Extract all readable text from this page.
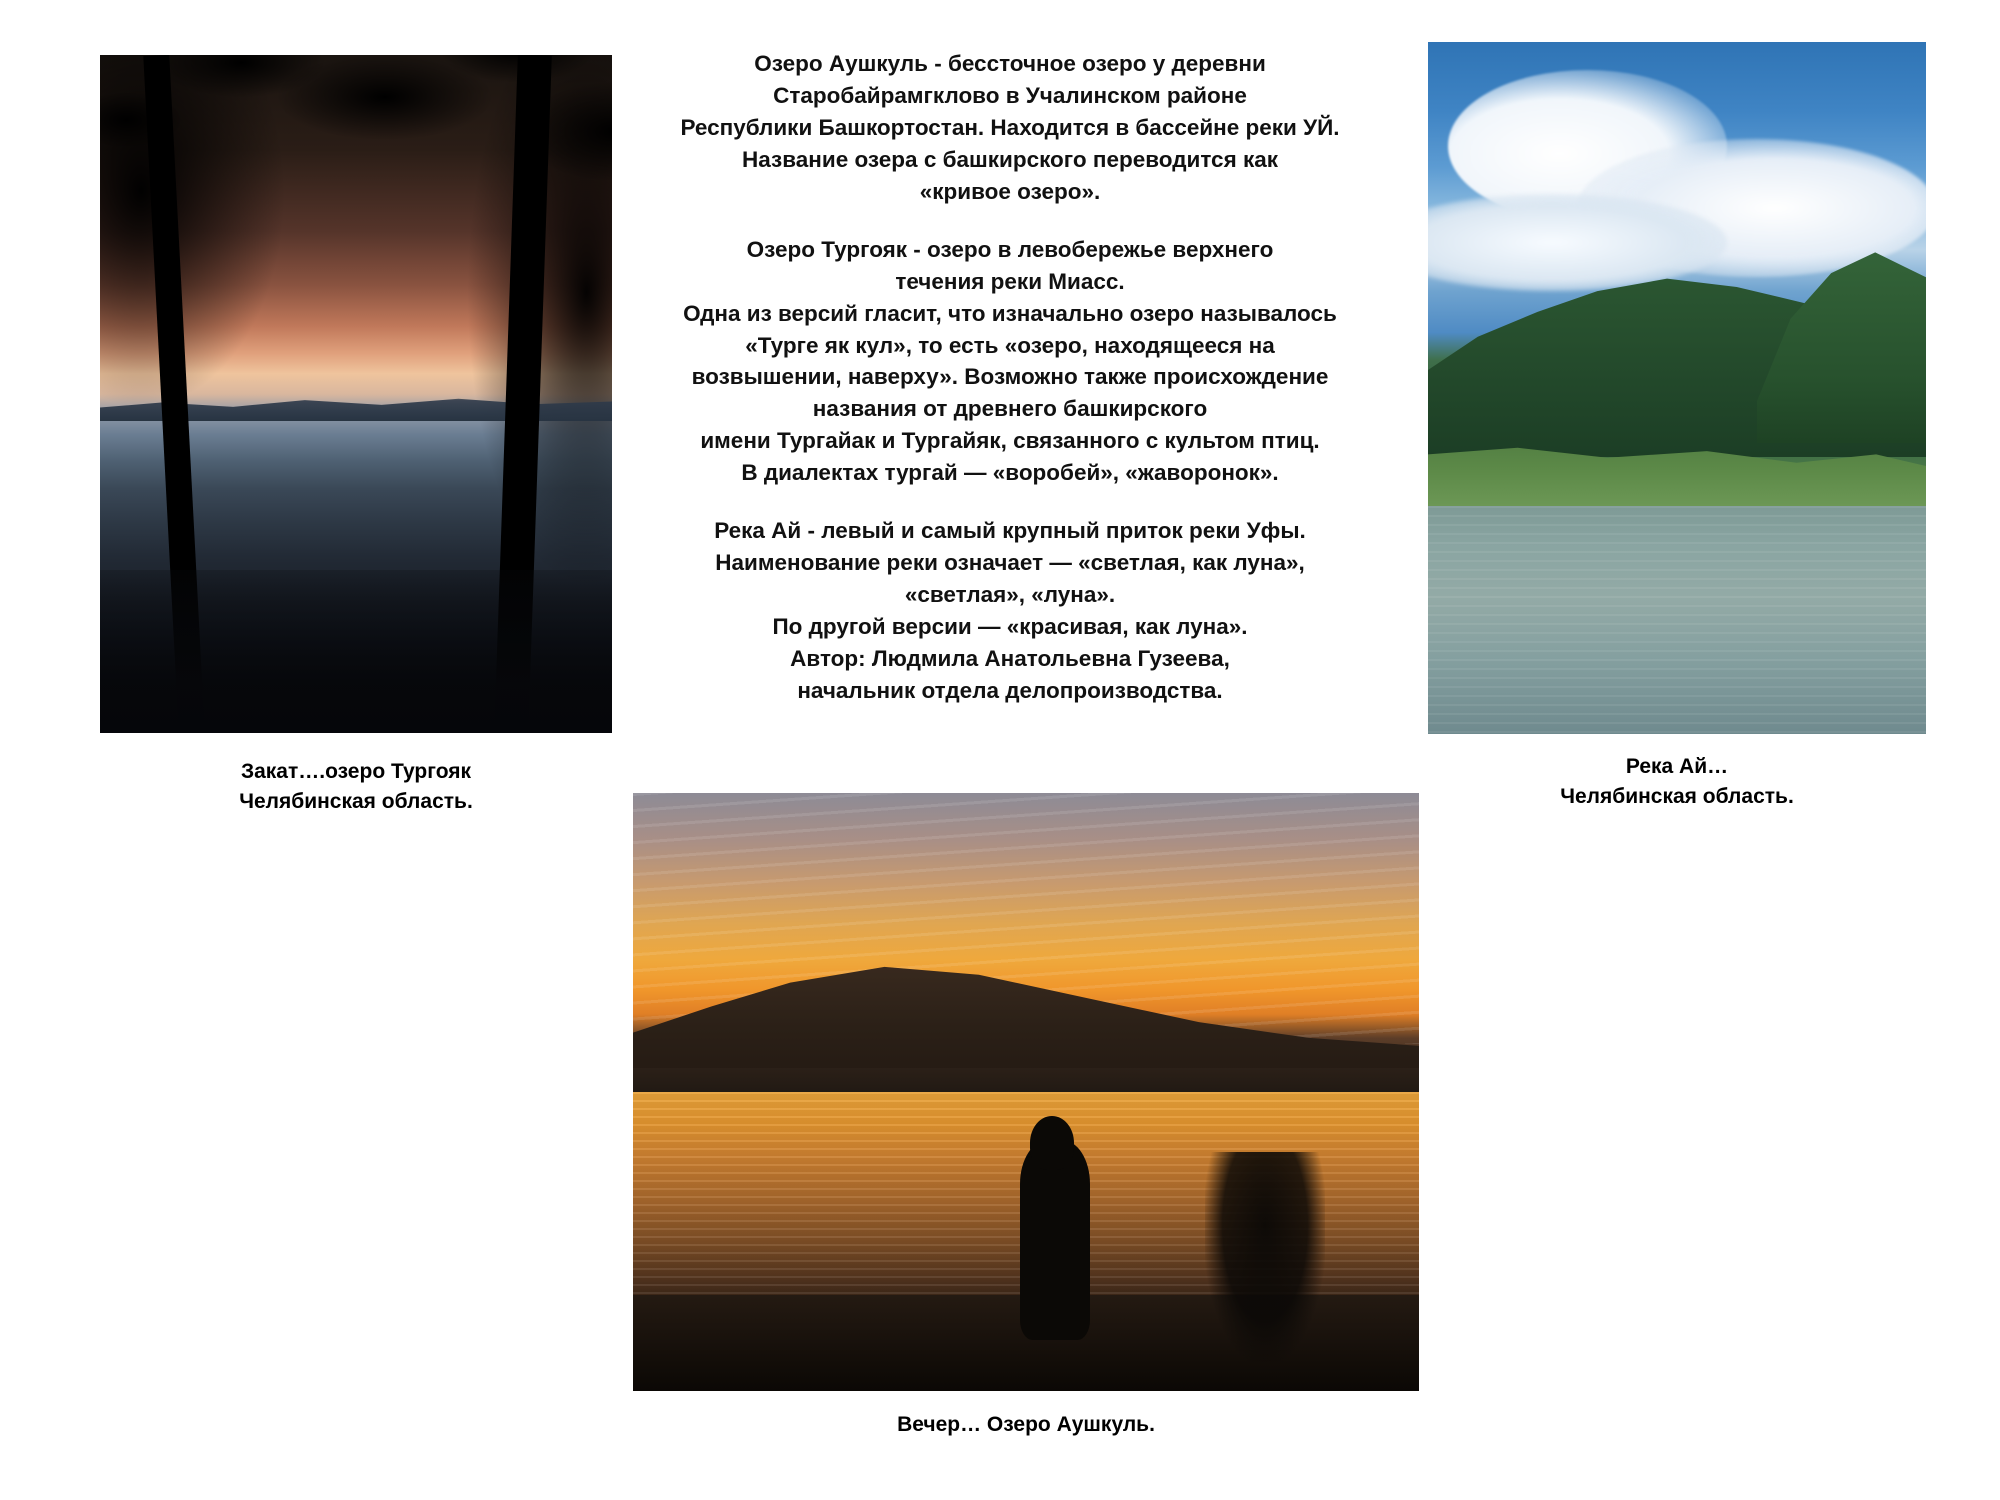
Закат….озеро Тургояк
Челябинская область.

Озеро Аушкуль - бессточное озеро у деревни

Старобайрамгклово в Учалинском районе

Республики Башкортостан. Находится в бассейне реки УЙ.

Название озера с башкирского переводится как

«кривое озеро».

Озеро Тургояк - озеро в левобережье верхнего

течения реки Миасс.

Одна из версий гласит, что изначально озеро называлось

«Турге як кул», то есть «озеро, находящееся на

возвышении, наверху». Возможно также происхождение

названия от древнего башкирского

имени Тургайак и Тургайяк, связанного с культом птиц.

В диалектах тургай — «воробей», «жаворонок».

Река Ай - левый и самый крупный приток реки Уфы.

Наименование реки означает — «светлая, как луна»,

«светлая», «луна».

По другой версии — «красивая, как луна».

Автор: Людмила Анатольевна Гузеева,

начальник отдела делопроизводства.

Река Ай…
Челябинская область.
Вечер… Озеро Аушкуль.
